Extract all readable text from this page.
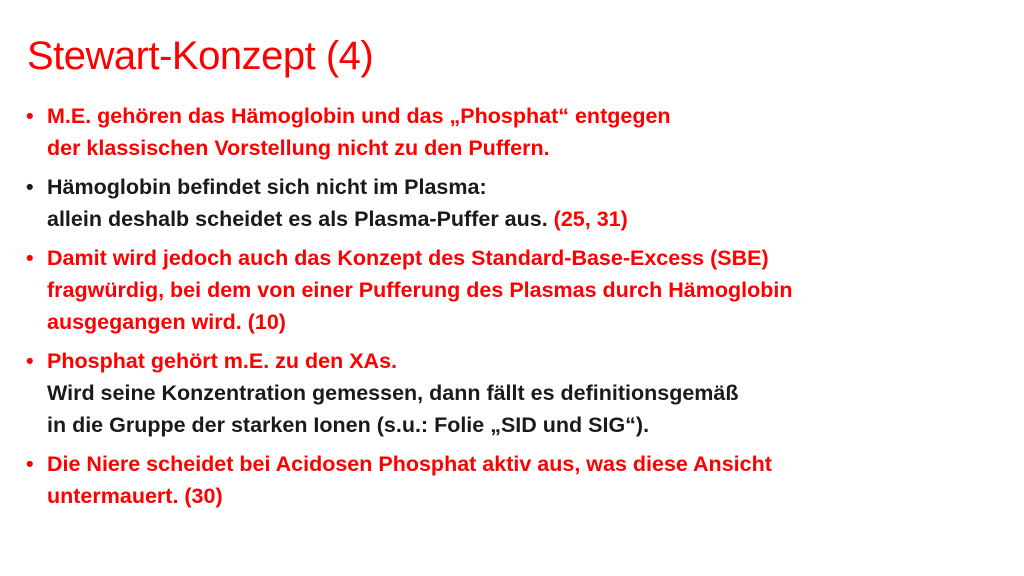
Stewart-Konzept (4)
• M.E. gehören das Hämoglobin und das „Phosphat“ entgegen
der klassischen Vorstellung nicht zu den Puffern.
• Hämoglobin befindet sich nicht im Plasma:
allein deshalb scheidet es als Plasma-Puffer aus. (25, 31)
• Damit wird jedoch auch das Konzept des Standard-Base-Excess (SBE)
fragwürdig, bei dem von einer Pufferung des Plasmas durch Hämoglobin
ausgegangen wird. (10)
• Phosphat gehört m.E. zu den XAs.
Wird seine Konzentration gemessen, dann fällt es definitionsgemäß
in die Gruppe der starken Ionen (s.u.: Folie „SID und SIG“).
• Die Niere scheidet bei Acidosen Phosphat aktiv aus, was diese Ansicht
untermauert. (30)
